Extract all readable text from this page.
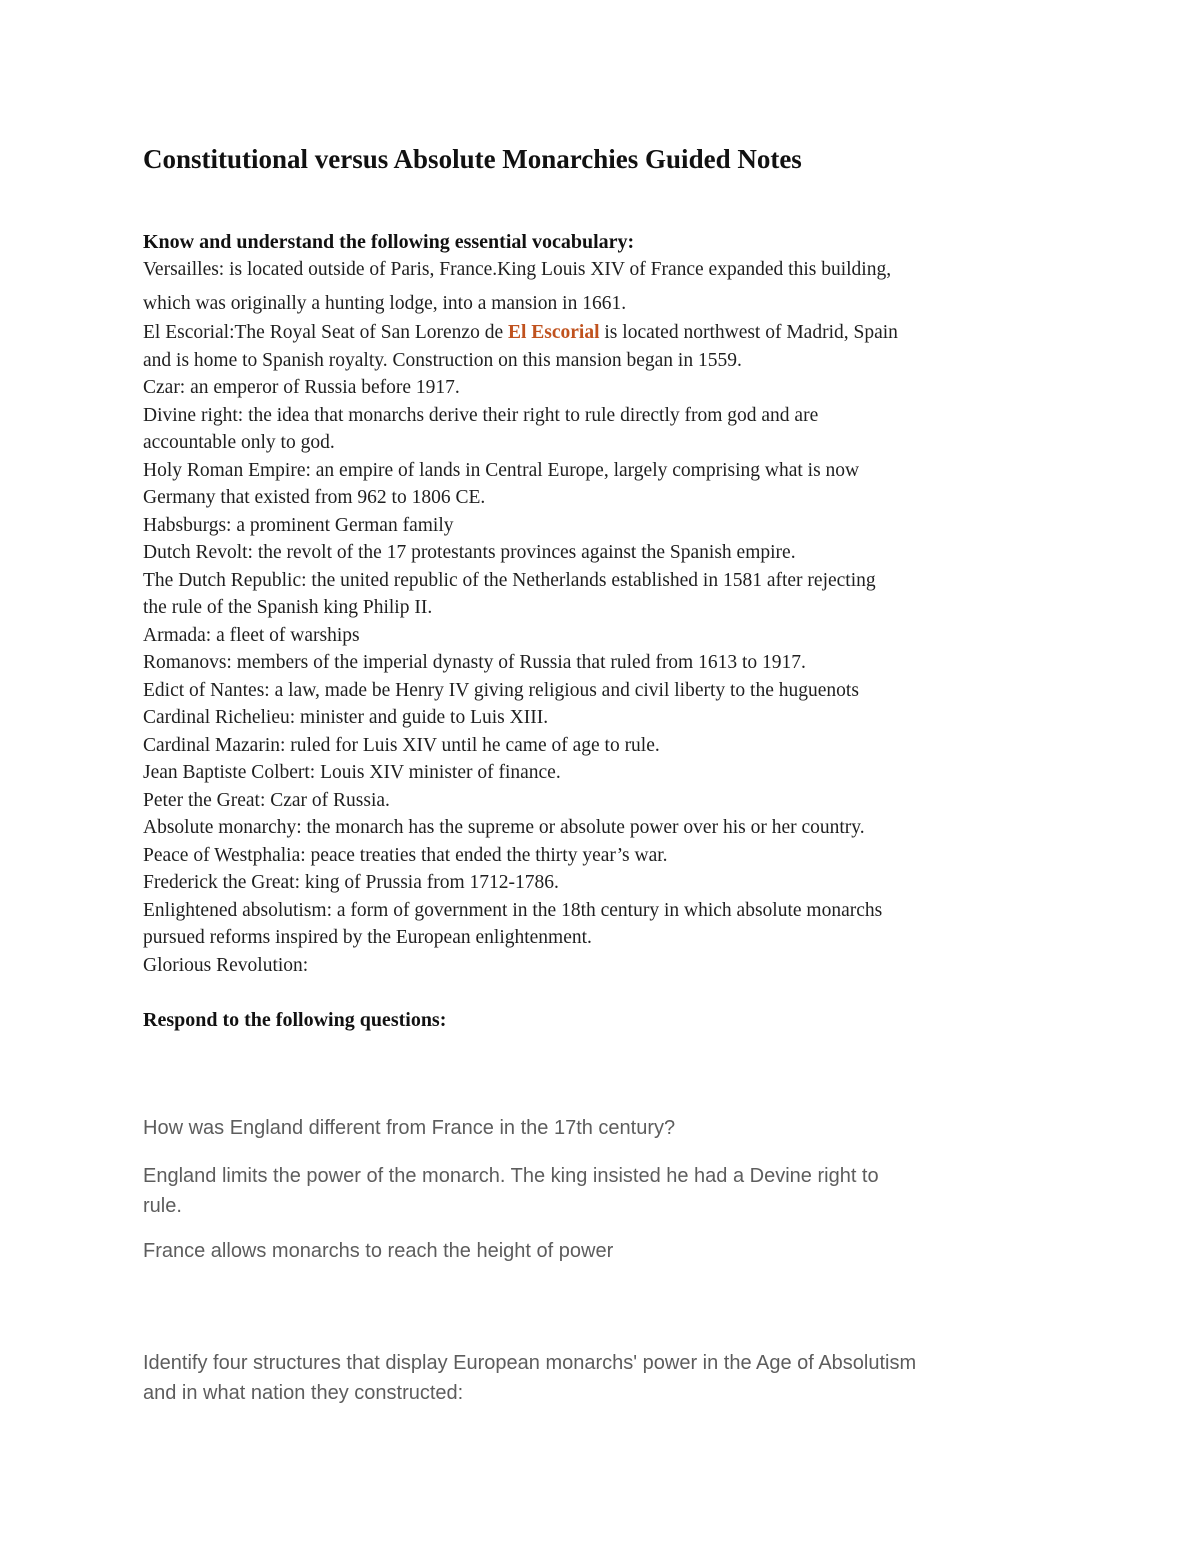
Constitutional versus Absolute Monarchies Guided Notes
Know and understand the following essential vocabulary:
Versailles: is located outside of Paris, France.King Louis XIV of France expanded this building,
which was originally a hunting lodge, into a mansion in 1661.
El Escorial:The Royal Seat of San Lorenzo de El Escorial is located northwest of Madrid, Spain
and is home to Spanish royalty. Construction on this mansion began in 1559.
Czar: an emperor of Russia before 1917.
Divine right: the idea that monarchs derive their right to rule directly from god and are
accountable only to god.
Holy Roman Empire: an empire of lands in Central Europe, largely comprising what is now
Germany that existed from 962 to 1806 CE.
Habsburgs: a prominent German family
Dutch Revolt: the revolt of the 17 protestants provinces against the Spanish empire.
The Dutch Republic: the united republic of the Netherlands established in 1581 after rejecting
the rule of the Spanish king Philip II.
Armada: a fleet of warships
Romanovs: members of the imperial dynasty of Russia that ruled from 1613 to 1917.
Edict of Nantes: a law, made be Henry IV giving religious and civil liberty to the huguenots
Cardinal Richelieu: minister and guide to Luis XIII.
Cardinal Mazarin: ruled for Luis XIV until he came of age to rule.
Jean Baptiste Colbert: Louis XIV minister of finance.
Peter the Great: Czar of Russia.
Absolute monarchy: the monarch has the supreme or absolute power over his or her country.
Peace of Westphalia: peace treaties that ended the thirty year’s war.
Frederick the Great: king of Prussia from 1712-1786.
Enlightened absolutism: a form of government in the 18th century in which absolute monarchs
pursued reforms inspired by the European enlightenment.
Glorious Revolution:
Respond to the following questions:
How was England different from France in the 17th century?
England limits the power of the monarch. The king insisted he had a Devine right to
rule.
France allows monarchs to reach the height of power
Identify four structures that display European monarchs' power in the Age of Absolutism
and in what nation they constructed:
